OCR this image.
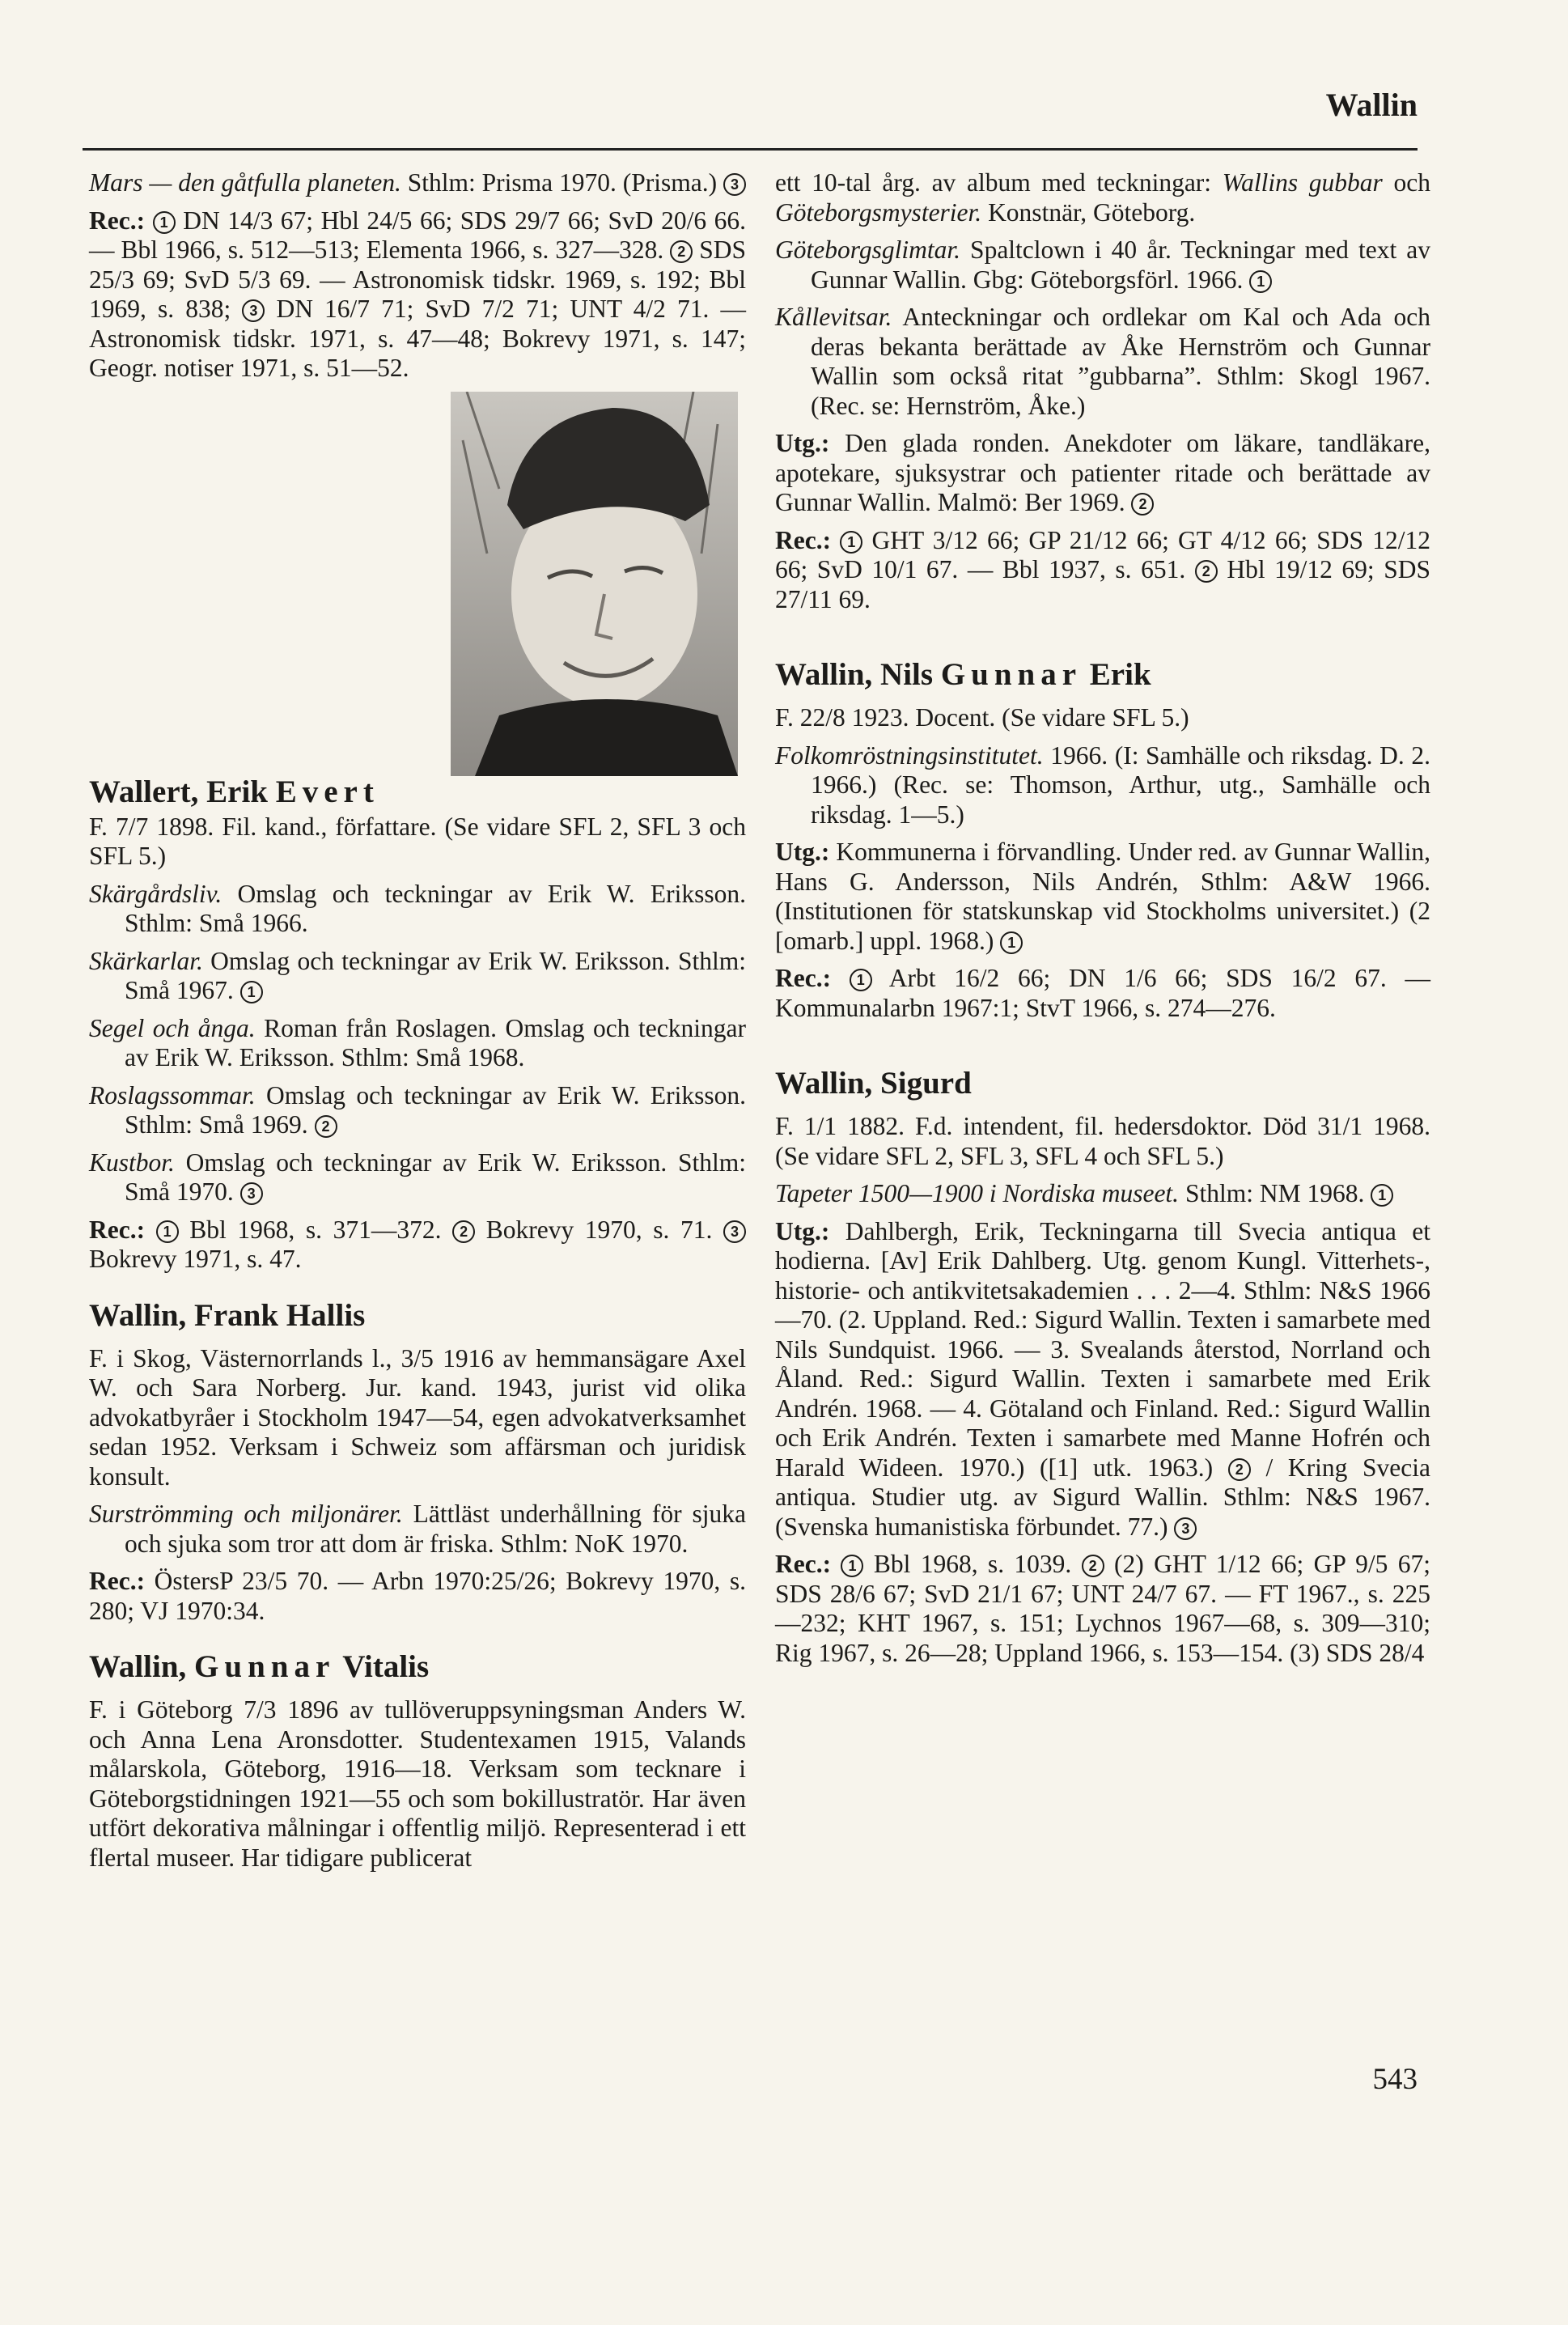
Wallin

Mars — den gåtfulla planeten. Sthlm: Prisma 1970. (Prisma.) 3

Rec.: 1 DN 14/3 67; Hbl 24/5 66; SDS 29/7 66; SvD 20/6 66. — Bbl 1966, s. 512—513; Elementa 1966, s. 327—328. 2 SDS 25/3 69; SvD 5/3 69. — Astronomisk tidskr. 1969, s. 192; Bbl 1969, s. 838; 3 DN 16/7 71; SvD 7/2 71; UNT 4/2 71. — Astronomisk tidskr. 1971, s. 47—48; Bokrevy 1971, s. 147; Geogr. notiser 1971, s. 51—52.

Wallert, Erik Evert

F. 7/7 1898. Fil. kand., författare. (Se vidare SFL 2, SFL 3 och SFL 5.)

Skärgårdsliv. Omslag och teckningar av Erik W. Eriksson. Sthlm: Små 1966.

Skärkarlar. Omslag och teckningar av Erik W. Eriksson. Sthlm: Små 1967. 1

Segel och ånga. Roman från Roslagen. Omslag och teckningar av Erik W. Eriksson. Sthlm: Små 1968.

Roslagssommar. Omslag och teckningar av Erik W. Eriksson. Sthlm: Små 1969. 2

Kustbor. Omslag och teckningar av Erik W. Eriksson. Sthlm: Små 1970. 3

Rec.: 1 Bbl 1968, s. 371—372. 2 Bokrevy 1970, s. 71. 3 Bokrevy 1971, s. 47.

Wallin, Frank Hallis

F. i Skog, Västernorrlands l., 3/5 1916 av hemmansägare Axel W. och Sara Norberg. Jur. kand. 1943, jurist vid olika advokatbyråer i Stockholm 1947—54, egen advokatverksamhet sedan 1952. Verksam i Schweiz som affärsman och juridisk konsult.

Surströmming och miljonärer. Lättläst underhållning för sjuka och sjuka som tror att dom är friska. Sthlm: NoK 1970.

Rec.: ÖstersP 23/5 70. — Arbn 1970:25/26; Bokrevy 1970, s. 280; VJ 1970:34.

Wallin, Gunnar Vitalis

F. i Göteborg 7/3 1896 av tullöveruppsyningsman Anders W. och Anna Lena Aronsdotter. Studentexamen 1915, Valands målarskola, Göteborg, 1916—18. Verksam som tecknare i Göteborgstidningen 1921—55 och som bokillustratör. Har även utfört dekorativa målningar i offentlig miljö. Representerad i ett flertal museer. Har tidigare publicerat

ett 10-tal årg. av album med teckningar: Wallins gubbar och Göteborgsmysterier. Konstnär, Göteborg.

Göteborgsglimtar. Spaltclown i 40 år. Teckningar med text av Gunnar Wallin. Gbg: Göteborgsförl. 1966. 1

Kållevitsar. Anteckningar och ordlekar om Kal och Ada och deras bekanta berättade av Åke Hernström och Gunnar Wallin som också ritat ”gubbarna”. Sthlm: Skogl 1967. (Rec. se: Hernström, Åke.)

Utg.: Den glada ronden. Anekdoter om läkare, tandläkare, apotekare, sjuksystrar och patienter ritade och berättade av Gunnar Wallin. Malmö: Ber 1969. 2

Rec.: 1 GHT 3/12 66; GP 21/12 66; GT 4/12 66; SDS 12/12 66; SvD 10/1 67. — Bbl 1937, s. 651. 2 Hbl 19/12 69; SDS 27/11 69.

Wallin, Nils Gunnar Erik

F. 22/8 1923. Docent. (Se vidare SFL 5.)

Folkomröstningsinstitutet. 1966. (I: Samhälle och riksdag. D. 2. 1966.) (Rec. se: Thomson, Arthur, utg., Samhälle och riksdag. 1—5.)

Utg.: Kommunerna i förvandling. Under red. av Gunnar Wallin, Hans G. Andersson, Nils Andrén, Sthlm: A&W 1966. (Institutionen för statskunskap vid Stockholms universitet.) (2 [omarb.] uppl. 1968.) 1

Rec.: 1 Arbt 16/2 66; DN 1/6 66; SDS 16/2 67. — Kommunalarbn 1967:1; StvT 1966, s. 274—276.

Wallin, Sigurd

F. 1/1 1882. F.d. intendent, fil. hedersdoktor. Död 31/1 1968. (Se vidare SFL 2, SFL 3, SFL 4 och SFL 5.)

Tapeter 1500—1900 i Nordiska museet. Sthlm: NM 1968. 1

Utg.: Dahlbergh, Erik, Teckningarna till Svecia antiqua et hodierna. [Av] Erik Dahlberg. Utg. genom Kungl. Vitterhets-, historie- och antikvitetsakademien . . . 2—4. Sthlm: N&S 1966—70. (2. Uppland. Red.: Sigurd Wallin. Texten i samarbete med Nils Sundquist. 1966. — 3. Svealands återstod, Norrland och Åland. Red.: Sigurd Wallin. Texten i samarbete med Erik Andrén. 1968. — 4. Götaland och Finland. Red.: Sigurd Wallin och Erik Andrén. Texten i samarbete med Manne Hofrén och Harald Wideen. 1970.) ([1] utk. 1963.) 2 / Kring Svecia antiqua. Studier utg. av Sigurd Wallin. Sthlm: N&S 1967. (Svenska humanistiska förbundet. 77.) 3

Rec.: 1 Bbl 1968, s. 1039. 2 (2) GHT 1/12 66; GP 9/5 67; SDS 28/6 67; SvD 21/1 67; UNT 24/7 67. — FT 1967., s. 225—232; KHT 1967, s. 151; Lychnos 1967—68, s. 309—310; Rig 1967, s. 26—28; Uppland 1966, s. 153—154. (3) SDS 28/4

543
